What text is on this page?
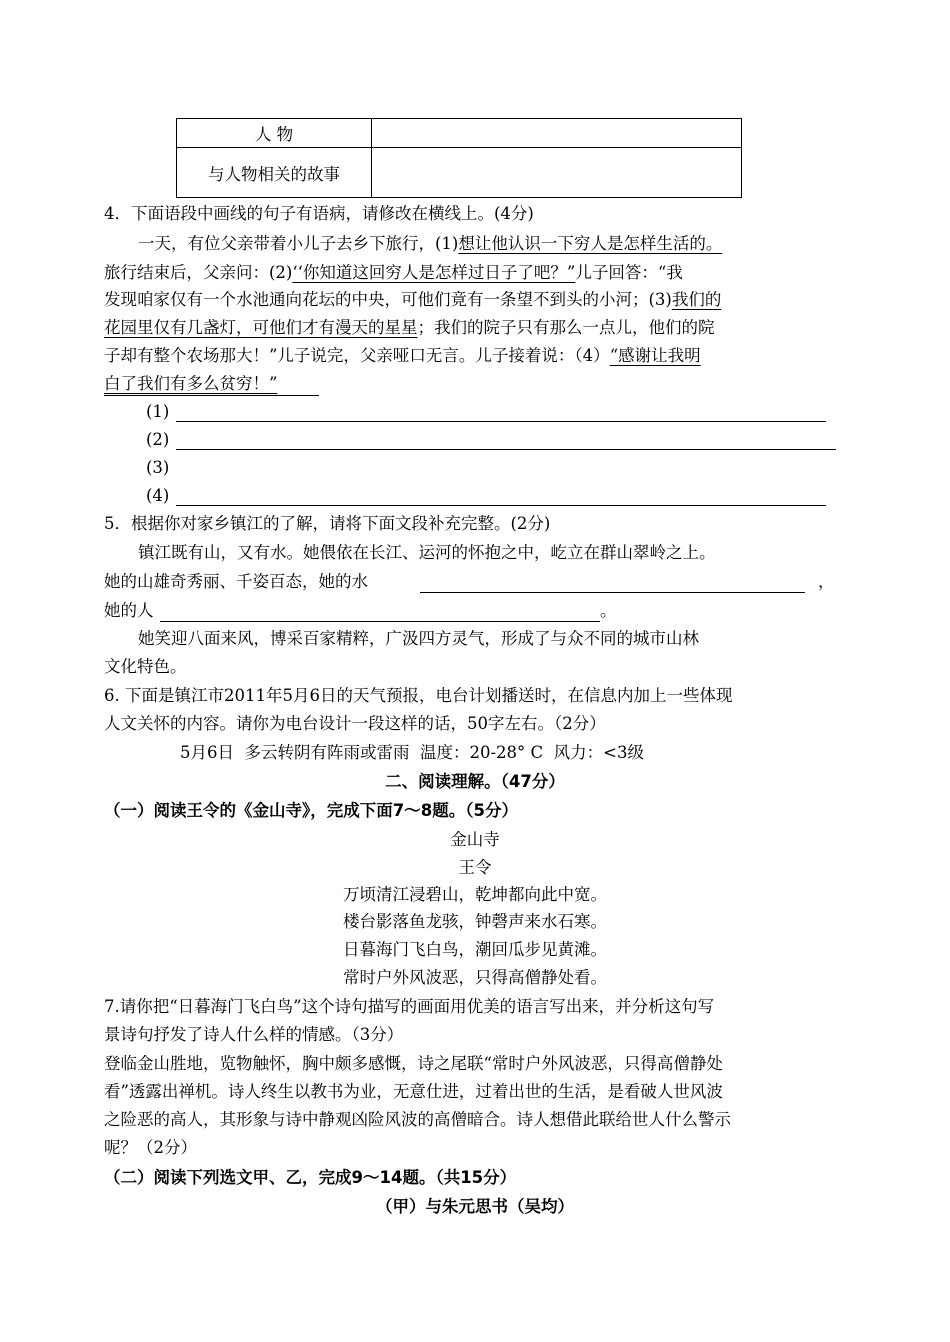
人 物	
与人物相关的故事	
4．下面语段中画线的句子有语病，请修改在横线上。(4分)
一天，有位父亲带着小儿子去乡下旅行，(1)想让他认识一下穷人是怎样生活的。
旅行结束后，父亲问：(2)‘‘你知道这回穷人是怎样过日子了吧？”儿子回答：“我
发现咱家仅有一个水池通向花坛的中央，可他们竟有一条望不到头的小河；(3)我们的
花园里仅有几盏灯，可他们才有漫天的星星；我们的院子只有那么一点儿，他们的院
子却有整个农场那大！”儿子说完，父亲哑口无言。儿子接着说：（4）“感谢让我明
白了我们有多么贫穷！”
(1)
(2)
(3)
(4)
5．根据你对家乡镇江的了解，请将下面文段补充完整。(2分)
镇江既有山，又有水。她偎依在长江、运河的怀抱之中，屹立在群山翠岭之上。
她的山雄奇秀丽、千姿百态，她的水	，
她的人	。
她笑迎八面来风，博采百家精粹，广汲四方灵气，形成了与众不同的城市山林
文化特色。
6. 下面是镇江市2011年5月6日的天气预报，电台计划播送时，在信息内加上一些体现
人文关怀的内容。请你为电台设计一段这样的话，50字左右。（2分）
5月6日  多云转阴有阵雨或雷雨  温度：20-28° C  风力：<3级
二、阅读理解。（47分）
（一）阅读王令的《金山寺》，完成下面7～8题。（5分）
金山寺
王令
万顷清江浸碧山，乾坤都向此中宽。
楼台影落鱼龙骇，钟磬声来水石寒。
日暮海门飞白鸟，潮回瓜步见黄滩。
常时户外风波恶，只得高僧静处看。
7.请你把“日暮海门飞白鸟”这个诗句描写的画面用优美的语言写出来，并分析这句写
景诗句抒发了诗人什么样的情感。（3分）
登临金山胜地，览物触怀，胸中颇多感慨，诗之尾联“常时户外风波恶，只得高僧静处
看”透露出禅机。诗人终生以教书为业，无意仕进，过着出世的生活，是看破人世风波
之险恶的高人，其形象与诗中静观凶险风波的高僧暗合。诗人想借此联给世人什么警示
呢？（2分）
（二）阅读下列选文甲、乙，完成9～14题。（共15分）
（甲）与朱元思书（吴均）
